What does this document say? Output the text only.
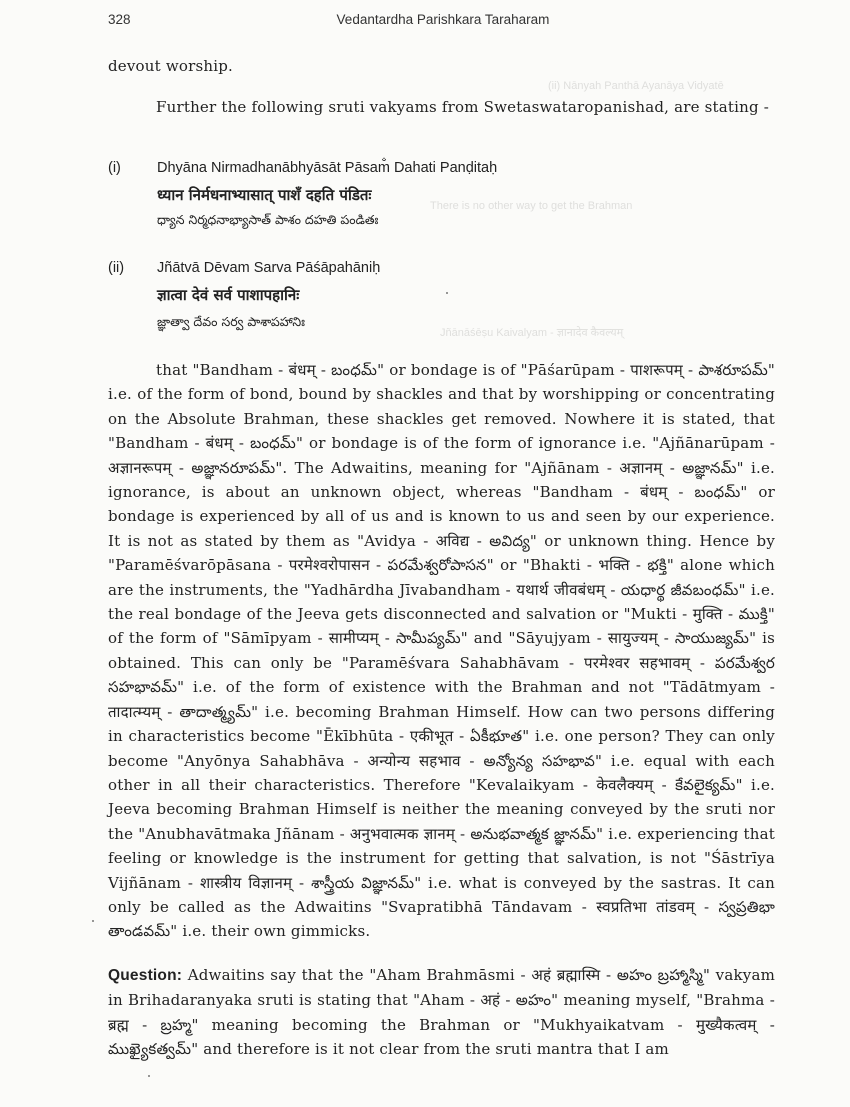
(ii) Nānyah Panthā Ayanāya Vidyatē
There is no other way to get the Brahman
Jñānāśēṣu Kaivalyam - ज्ञानादेव कैवल्यम्
328	Vedantardha Parishkara Taraharam
devout worship.
Further the following sruti vakyams from Swetaswataropanishad, are stating -
(i) Dhyāna Nirmadhanābhyāsāt Pāsam̐ Dahati Panḍitaḥ
ध्यान निर्मधनाभ्यासात् पाशँ दहति पंडितः
ధ్యాన నిర్మధనాభ్యాసాత్ పాశం దహతి పండితః
(ii) Jñātvā Dēvam Sarva Pāśāpahāniḥ
ज्ञात्वा देवं सर्व पाशापहानिः
జ్ఞాత్వా దేవం సర్వ పాశాపహానిః
that "Bandham - बंधम् - బంధమ్" or bondage is of "Pāśarūpam - पाशरूपम् - పాశరూపమ్" i.e. of the form of bond, bound by shackles and that by worshipping or concentrating on the Absolute Brahman, these shackles get removed. Nowhere it is stated, that "Bandham - बंधम् - బంధమ్" or bondage is of the form of ignorance i.e. "Ajñānarūpam - अज्ञानरूपम् - అజ్ఞానరూపమ్". The Adwaitins, meaning for "Ajñānam - अज्ञानम् - అజ్ఞానమ్" i.e. ignorance, is about an unknown object, whereas "Bandham - बंधम् - బంధమ్" or bondage is experienced by all of us and is known to us and seen by our experience. It is not as stated by them as "Avidya - अविद्य - అవిద్య" or unknown thing. Hence by "Paramēśvarōpāsana - परमेश्वरोपासन - పరమేశ్వరోపాసన" or "Bhakti - भक्ति - భక్తి" alone which are the instruments, the "Yadhārdha Jīvabandham - यथार्थ जीवबंधम् - యధార్థ జీవబంధమ్" i.e. the real bondage of the Jeeva gets disconnected and salvation or "Mukti - मुक्ति - ముక్తి" of the form of "Sāmīpyam - सामीप्यम् - సామీప్యమ్" and "Sāyujyam - सायुज्यम् - సాయుజ్యమ్" is obtained. This can only be "Paramēśvara Sahabhāvam - परमेश्वर सहभावम् - పరమేశ్వర సహభావమ్" i.e. of the form of existence with the Brahman and not "Tādātmyam - तादात्म्यम् - తాదాత్మ్యమ్" i.e. becoming Brahman Himself. How can two persons differing in characteristics become "Ēkībhūta - एकीभूत - ఏకీభూత" i.e. one person? They can only become "Anyōnya Sahabhāva - अन्योन्य सहभाव - అన్యోన్య సహభావ" i.e. equal with each other in all their characteristics. Therefore "Kevalaikyam - केवलैक्यम् - కేవలైక్యమ్" i.e. Jeeva becoming Brahman Himself is neither the meaning conveyed by the sruti nor the "Anubhavātmaka Jñānam - अनुभवात्मक ज्ञानम् - అనుభవాత్మక జ్ఞానమ్" i.e. experiencing that feeling or knowledge is the instrument for getting that salvation, is not "Śāstrīya Vijñānam - शास्त्रीय विज्ञानम् - శాస్త్రీయ విజ్ఞానమ్" i.e. what is conveyed by the sastras. It can only be called as the Adwaitins "Svapratibhā Tāndavam - स्वप्रतिभा तांडवम् - స్వప్రతిభా తాండవమ్" i.e. their own gimmicks.
Question: Adwaitins say that the "Aham Brahmāsmi - अहं ब्रह्मास्मि - అహం బ్రహ్మాస్మి" vakyam in Brihadaranyaka sruti is stating that "Aham - अहं - అహం" meaning myself, "Brahma - ब्रह्म - బ్రహ్మ" meaning becoming the Brahman or "Mukhyaikatvam - मुख्यैकत्वम् - ముఖ్యైకత్వమ్" and therefore is it not clear from the sruti mantra that I am
